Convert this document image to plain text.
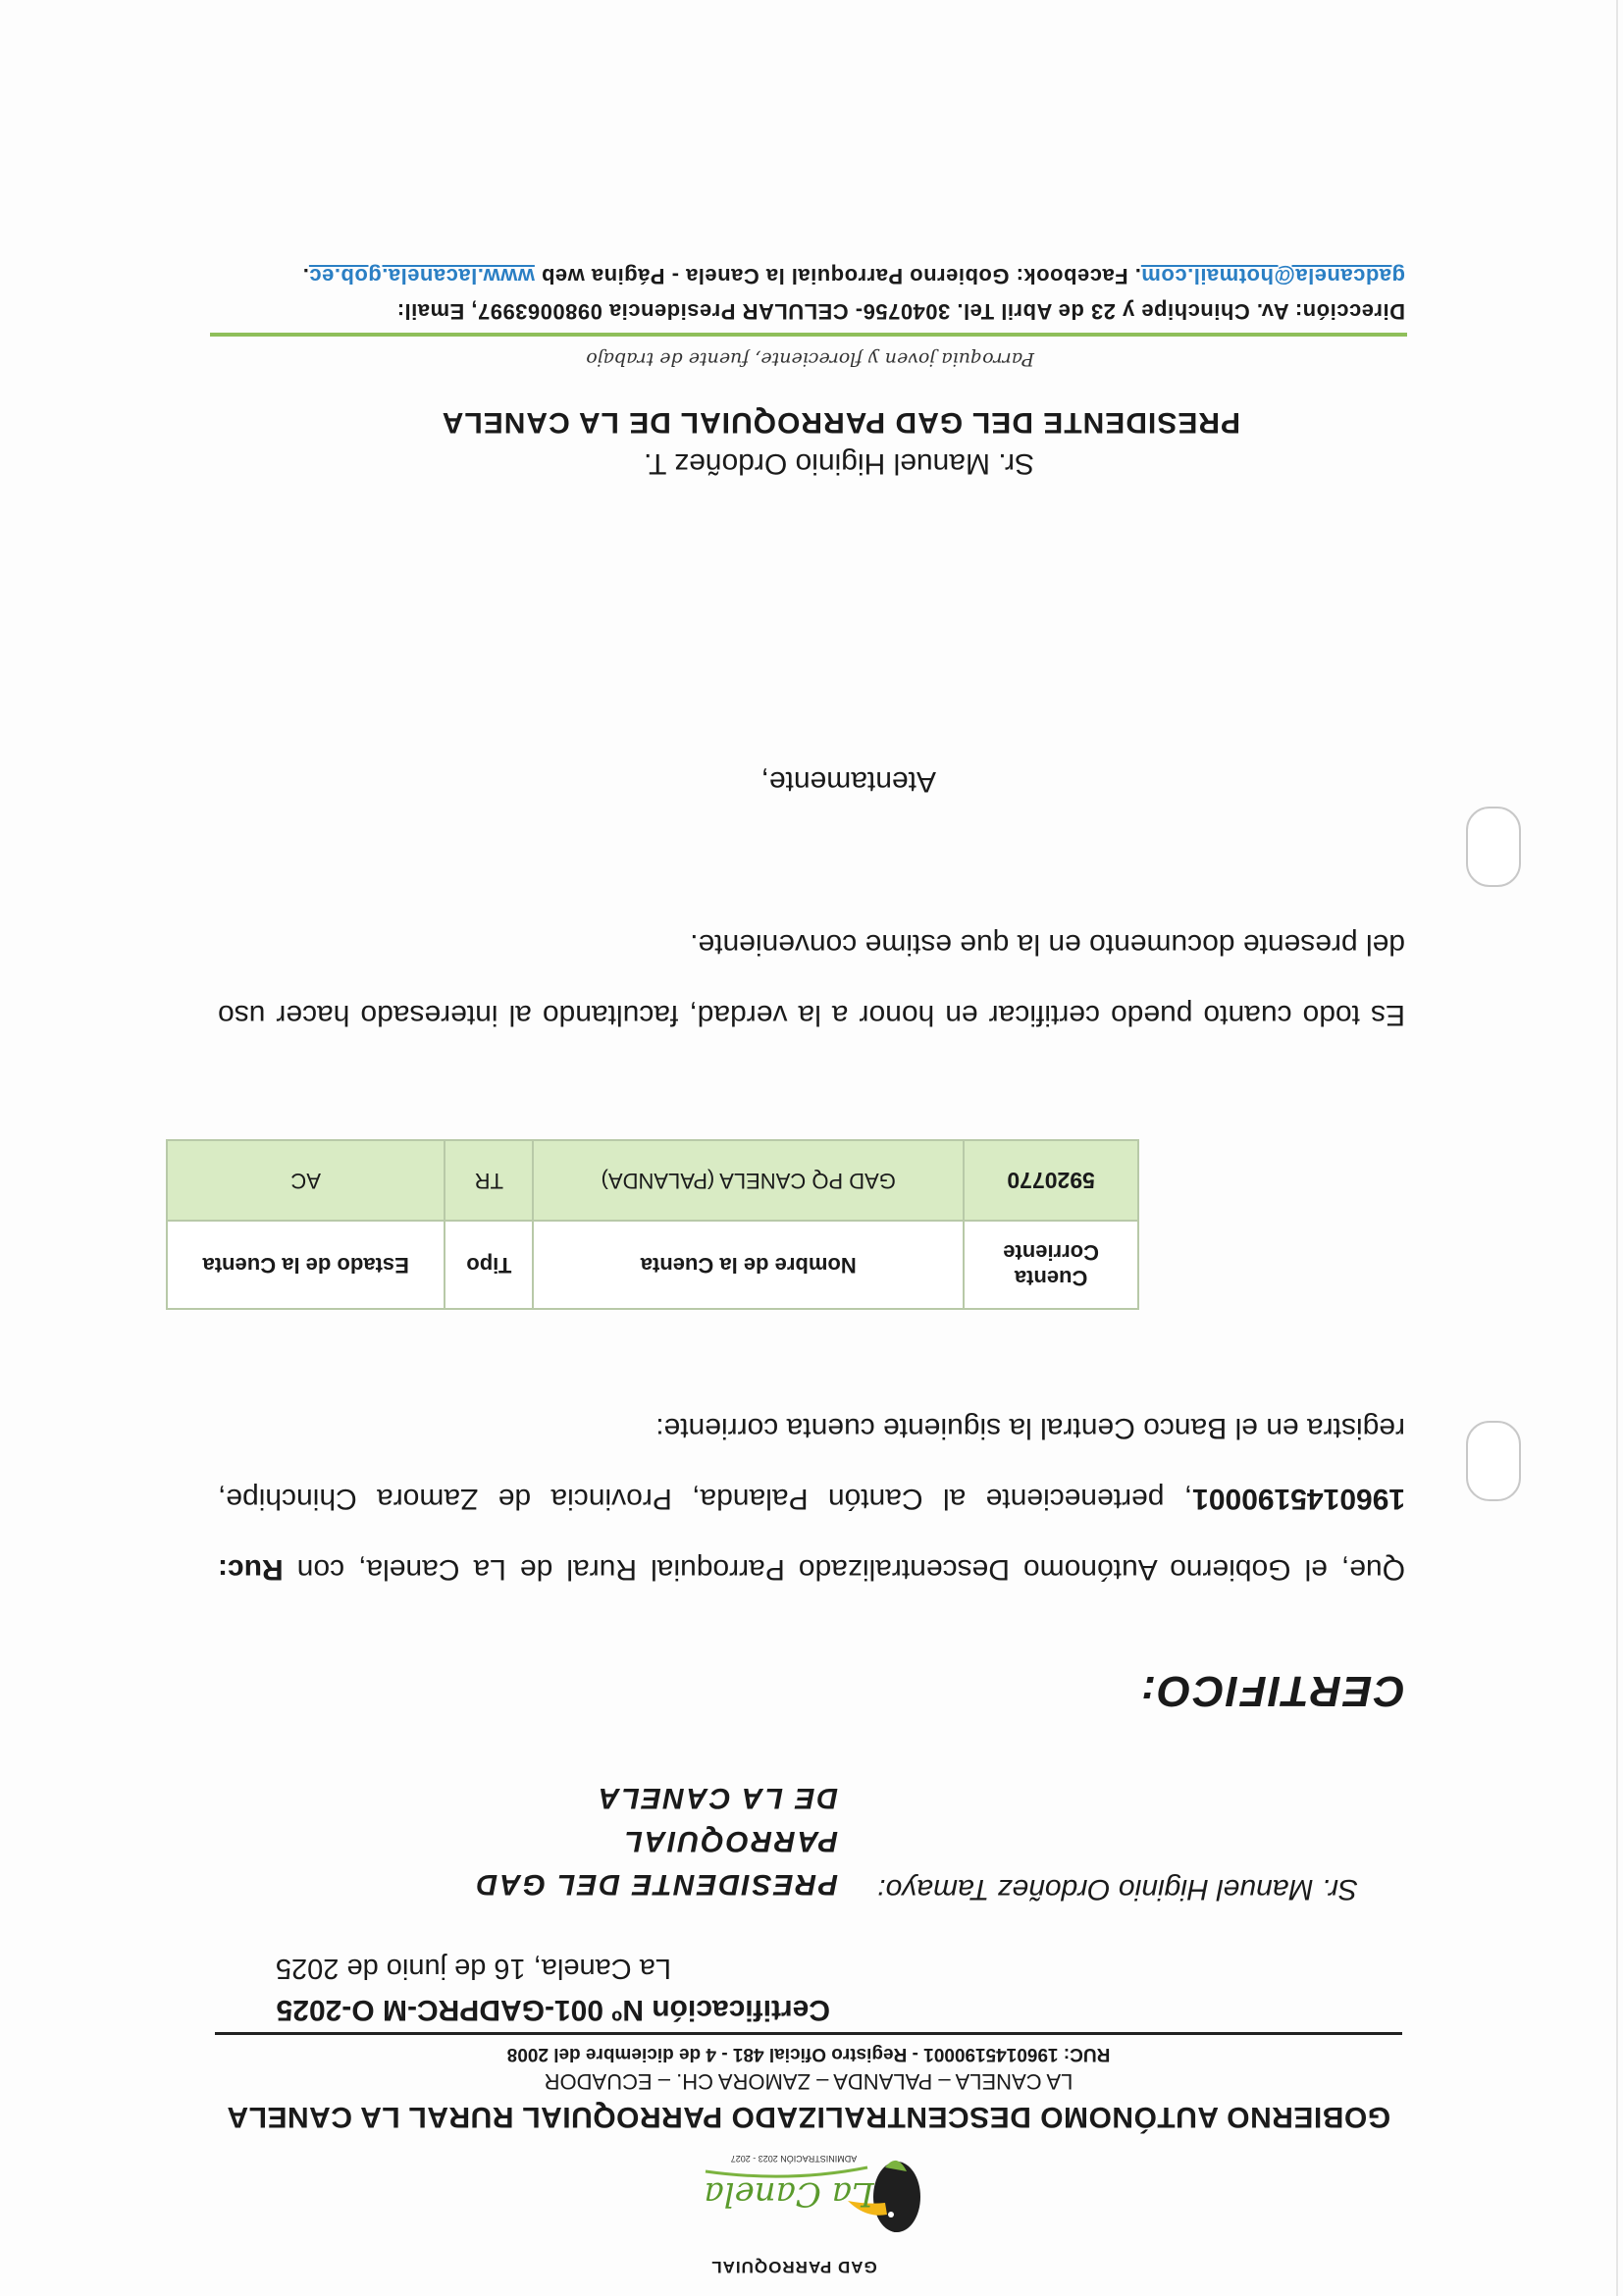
GAD PARROQUIAL
La Canela
ADMINISTRACIÓN 2023 - 2027
GOBIERNO AUTÓNOMO DESCENTRALIZADO PARROQUIAL RURAL LA CANELA
LA CANELA – PALANDA – ZAMORA CH. – ECUADOR
RUC: 1960145190001 - Registro Oficial 481 - 4 de diciembre del 2008
Certificación Nº 001-GADPRC-M O-2025
La Canela, 16 de junio de 2025
Sr. Manuel Higinio Ordoñez Tamayo:
PRESIDENTE DEL GAD PARROQUIAL
DE LA CANELA
CERTIFICO:
Que, el Gobierno Autónomo Descentralizado Parroquial Rural de La Canela, con Ruc: 1960145190001, perteneciente al Cantón Palanda, Provincia de Zamora Chinchipe, registra en el Banco Central la siguiente cuenta corriente:
Cuenta Corriente	Nombre de la Cuenta	Tipo	Estado de la Cuenta
5920770	GAD PQ CANELA (PALANDA)	TR	AC
Es todo cuanto puedo certificar en honor a la verdad, facultando al interesado hacer uso del presente documento en la que estime conveniente.
Atentamente,
Sr. Manuel Higinio Ordoñez T.
PRESIDENTE DEL GAD PARROQUIAL DE LA CANELA
Parroquia joven y floreciente, fuente de trabajo
Dirección: Av. Chinchipe y 23 de Abril Tel. 3040756- CELULAR Presidencia 0980063997, Email:
gadcanela@hotmail.com. Facebook: Gobierno Parroquial la Canela - Página web www.lacanela.gob.ec.
